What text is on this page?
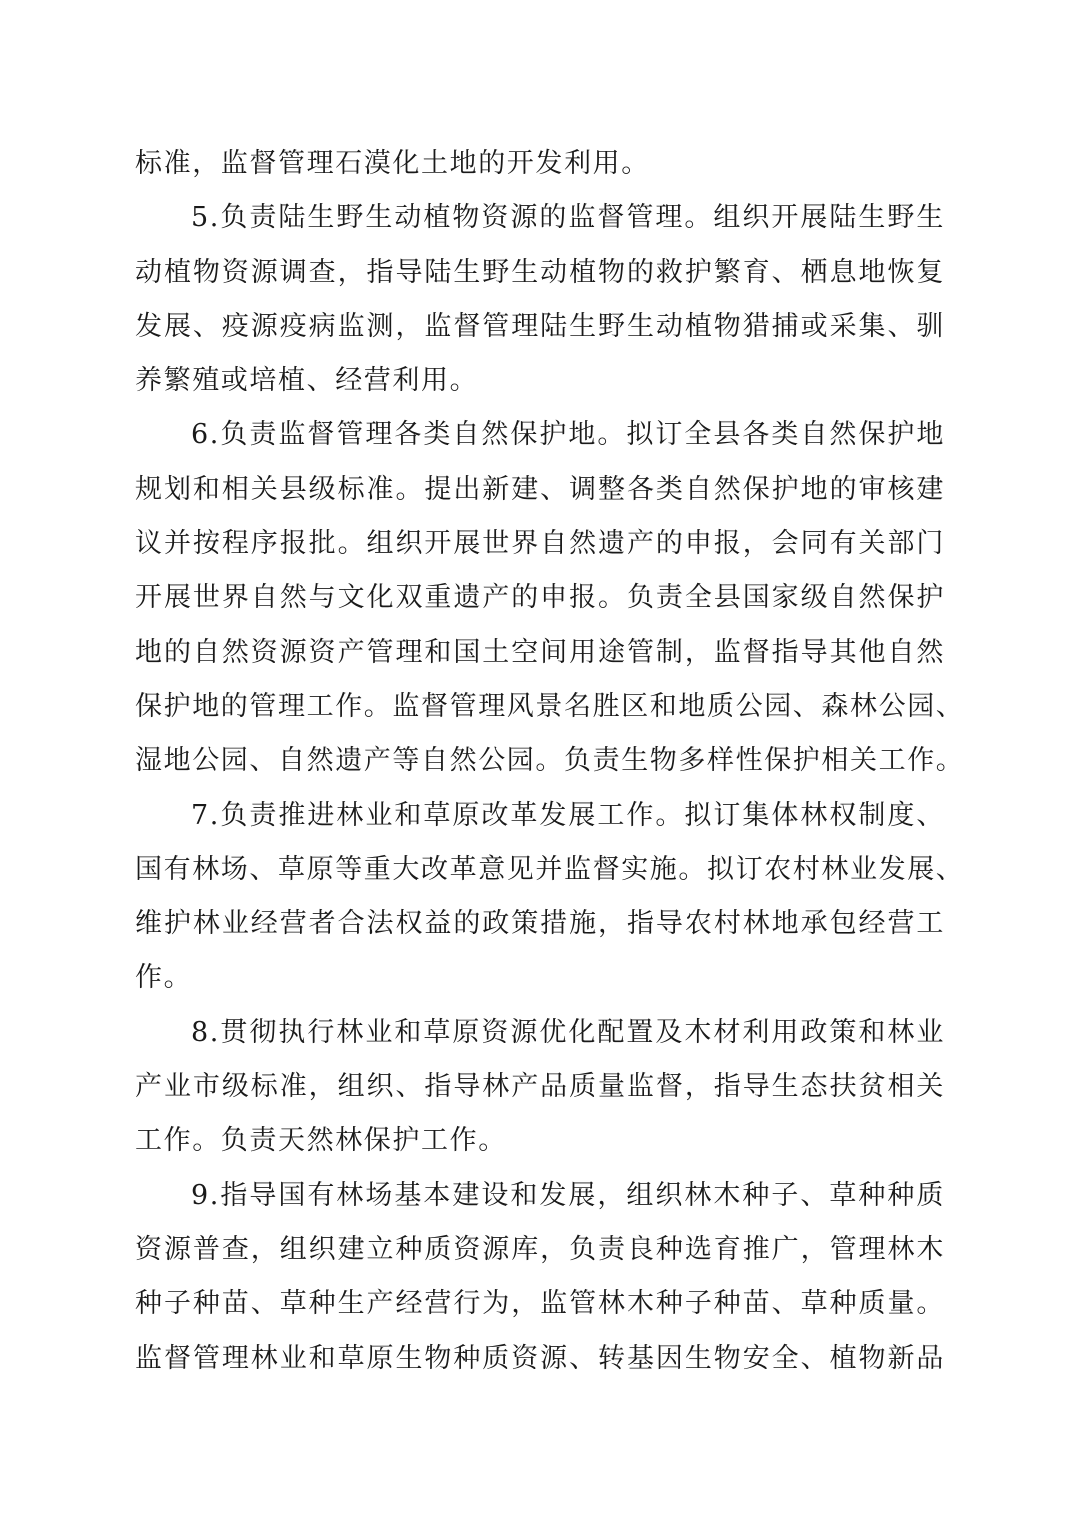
标准，监督管理石漠化土地的开发利用。

5.负责陆生野生动植物资源的监督管理。组织开展陆生野生
动植物资源调查，指导陆生野生动植物的救护繁育、栖息地恢复
发展、疫源疫病监测，监督管理陆生野生动植物猎捕或采集、驯
养繁殖或培植、经营利用。

6.负责监督管理各类自然保护地。拟订全县各类自然保护地
规划和相关县级标准。提出新建、调整各类自然保护地的审核建
议并按程序报批。组织开展世界自然遗产的申报，会同有关部门
开展世界自然与文化双重遗产的申报。负责全县国家级自然保护
地的自然资源资产管理和国土空间用途管制，监督指导其他自然
保护地的管理工作。监督管理风景名胜区和地质公园、森林公园、
湿地公园、自然遗产等自然公园。负责生物多样性保护相关工作。

7.负责推进林业和草原改革发展工作。拟订集体林权制度、
国有林场、草原等重大改革意见并监督实施。拟订农村林业发展、
维护林业经营者合法权益的政策措施，指导农村林地承包经营工
作。

8.贯彻执行林业和草原资源优化配置及木材利用政策和林业
产业市级标准，组织、指导林产品质量监督，指导生态扶贫相关
工作。负责天然林保护工作。

9.指导国有林场基本建设和发展，组织林木种子、草种种质
资源普查，组织建立种质资源库，负责良种选育推广，管理林木
种子种苗、草种生产经营行为，监管林木种子种苗、草种质量。
监督管理林业和草原生物种质资源、转基因生物安全、植物新品
